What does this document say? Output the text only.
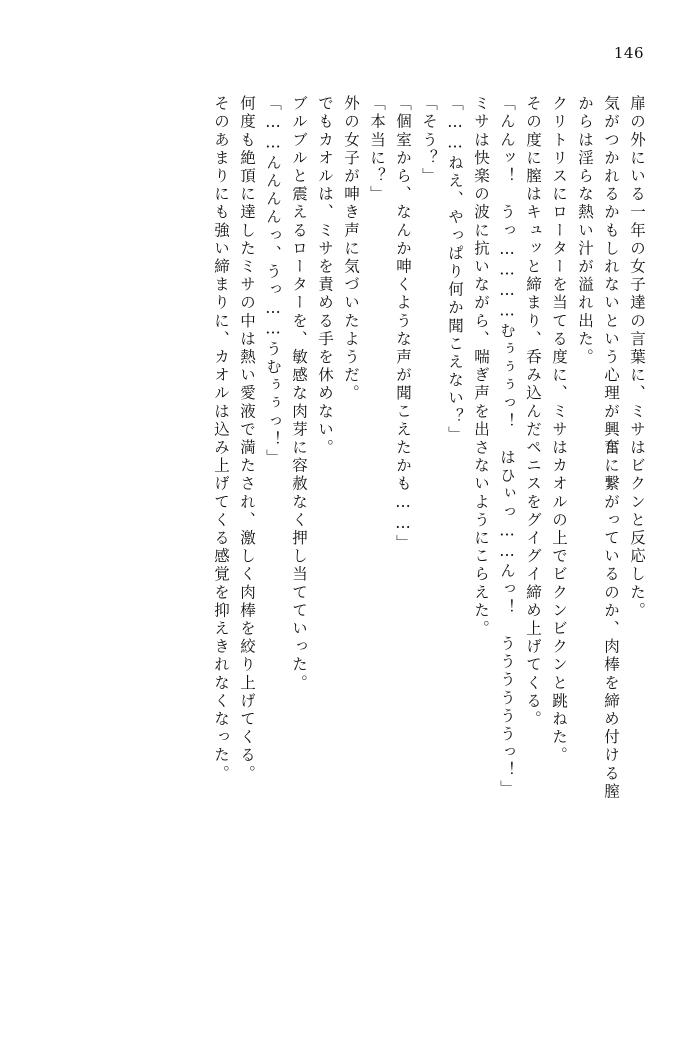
146
扉の外にいる一年の女子達の言葉に、ミサはビクンと反応した。
気がつかれるかもしれないという心理が興奮に繋がっているのか、肉棒を締め付ける膣
からは淫らな熱い汁が溢れ出た。
クリトリスにローターを当てる度に、ミサはカオルの上でビクンビクンと跳ねた。
その度に膣はキュッと締まり、呑み込んだペニスをグイグイ締め上げてくる。
「んんッ！　うっ…………むぅぅぅっ！　はひぃっ……んっ！　ううううううっ！」
ミサは快楽の波に抗いながら、喘ぎ声を出さないようにこらえた。
「……ねえ、やっぱり何か聞こえない？」
「そう？」
「個室から、なんか呻くような声が聞こえたかも……」
「本当に？」
外の女子が呻き声に気づいたようだ。
でもカオルは、ミサを責める手を休めない。
ブルブルと震えるローターを、敏感な肉芽に容赦なく押し当てていった。
「……んんんんっ、うっ……うむぅぅっ！」
何度も絶頂に達したミサの中は熱い愛液で満たされ、激しく肉棒を絞り上げてくる。
そのあまりにも強い締まりに、カオルは込み上げてくる感覚を抑えきれなくなった。
